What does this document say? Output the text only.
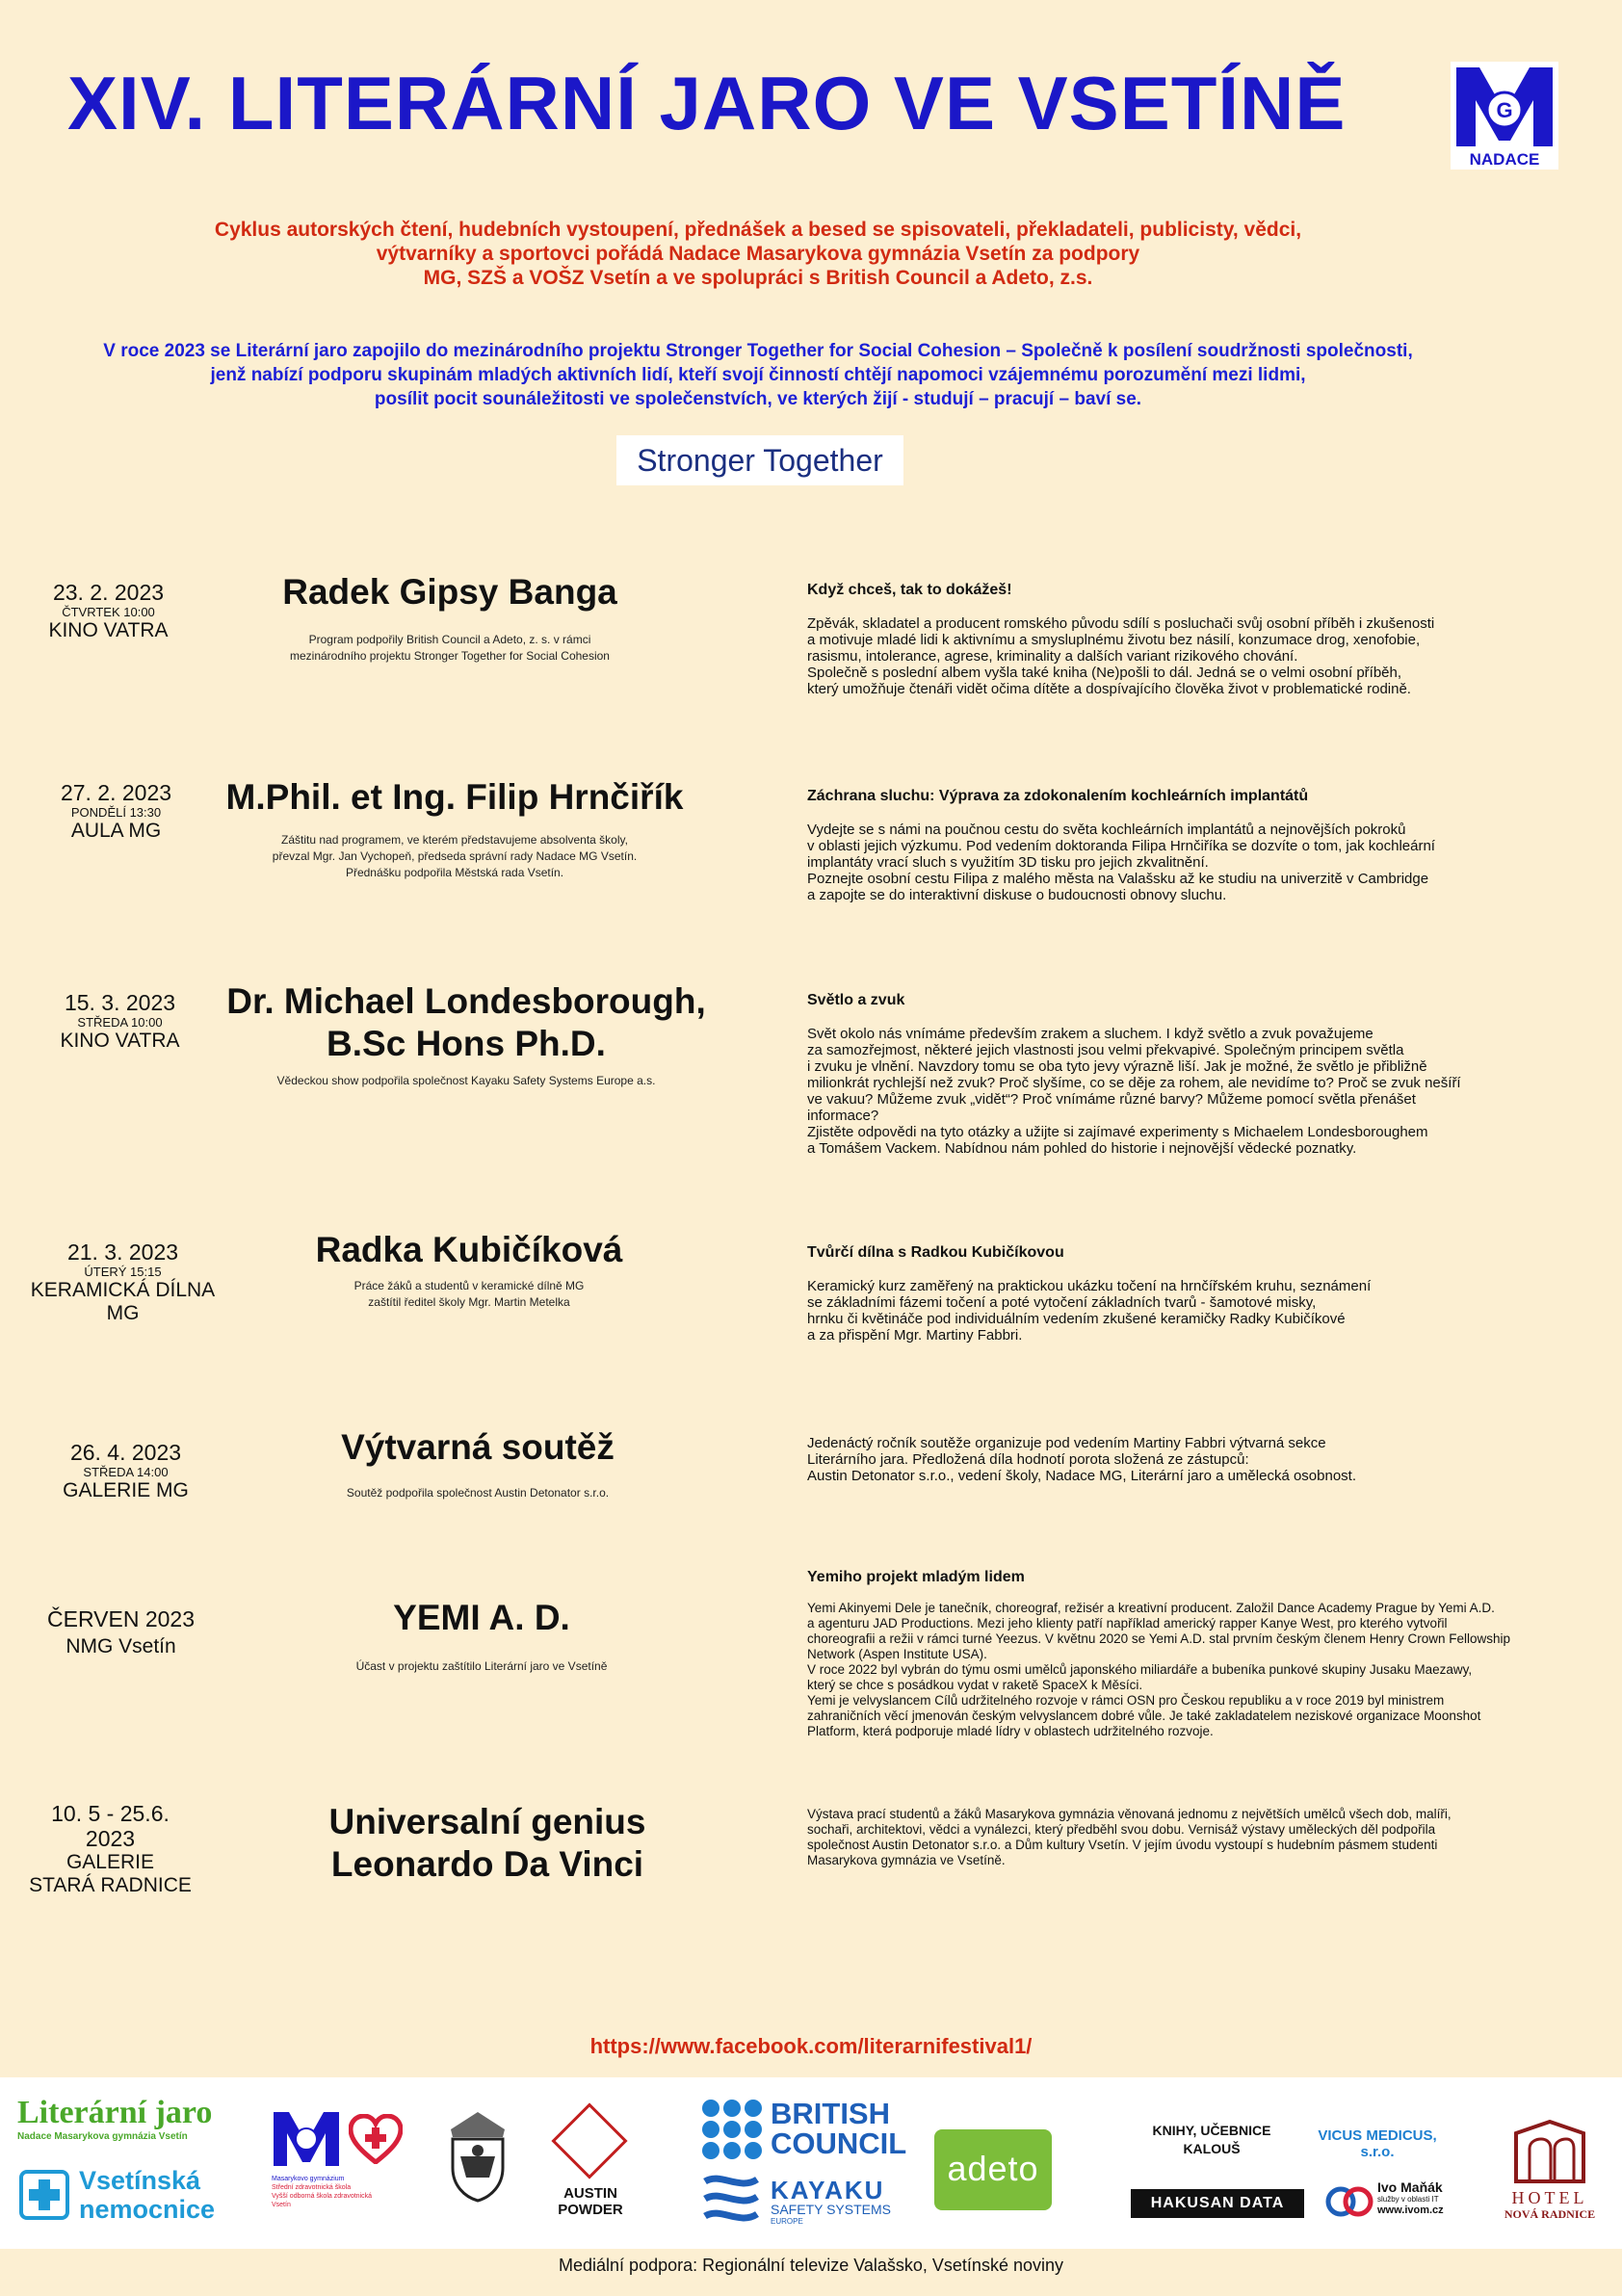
XIV. LITERÁRNÍ JARO VE VSETÍNĚ	G
NADACE
Cyklus autorských čtení, hudebních vystoupení, přednášek a besed se spisovateli, překladateli, publicisty, vědci,
výtvarníky a sportovci pořádá Nadace Masarykova gymnázia Vsetín za podpory
MG, SZŠ a VOŠZ Vsetín a ve spolupráci s British Council a Adeto, z.s.
V roce 2023 se Literární jaro zapojilo do mezinárodního projektu Stronger Together for Social Cohesion – Společně k posílení soudržnosti společnosti,
jenž nabízí podporu skupinám mladých aktivních lidí, kteří svojí činností chtějí napomoci vzájemnému porozumění mezi lidmi,
posílit pocit sounáležitosti ve společenstvích, ve kterých žijí - studují – pracují – baví se.
Stronger Together
23. 2. 2023
ČTVRTEK 10:00
KINO VATRA
Radek Gipsy Banga
Program podpořily British Council a Adeto, z. s. v rámci
mezinárodního projektu Stronger Together for Social Cohesion
Když chceš, tak to dokážeš!

Zpěvák, skladatel a producent romského původu sdílí s posluchači svůj osobní příběh i zkušenosti

a motivuje mladé lidi k aktivnímu a smysluplnému životu bez násilí, konzumace drog, xenofobie,

rasismu, intolerance, agrese, kriminality a dalších variant rizikového chování.

Společně s poslední albem vyšla také kniha (Ne)pošli to dál. Jedná se o velmi osobní příběh,

který umožňuje čtenáři vidět očima dítěte a dospívajícího člověka život v problematické rodině.

27. 2. 2023
PONDĚLÍ 13:30
AULA MG
M.Phil. et Ing. Filip Hrnčiřík
Záštitu nad programem, ve kterém představujeme absolventa školy,
převzal Mgr. Jan Vychopeň, předseda správní rady Nadace MG Vsetín.
Přednášku podpořila Městská rada Vsetín.
Záchrana sluchu: Výprava za zdokonalením kochleárních implantátů

Vydejte se s námi na poučnou cestu do světa kochleárních implantátů a nejnovějších pokroků

v oblasti jejich výzkumu. Pod vedením doktoranda Filipa Hrnčiříka se dozvíte o tom, jak kochleární

implantáty vrací sluch s využitím 3D tisku pro jejich zkvalitnění.

Poznejte osobní cestu Filipa z malého města na Valašsku až ke studiu na univerzitě v Cambridge

a zapojte se do interaktivní diskuse o budoucnosti obnovy sluchu.

15. 3. 2023
STŘEDA 10:00
KINO VATRA
Dr. Michael Londesborough,
B.Sc Hons Ph.D.
Vědeckou show podpořila společnost Kayaku Safety Systems Europe a.s.
Světlo a zvuk

Svět okolo nás vnímáme především zrakem a sluchem. I když světlo a zvuk považujeme

za samozřejmost, některé jejich vlastnosti jsou velmi překvapivé. Společným principem světla

i zvuku je vlnění. Navzdory tomu se oba tyto jevy výrazně liší. Jak je možné, že světlo je přibližně

milionkrát rychlejší než zvuk? Proč slyšíme, co se děje za rohem, ale nevidíme to? Proč se zvuk nešíří

ve vakuu? Můžeme zvuk „vidět“? Proč vnímáme různé barvy? Můžeme pomocí světla přenášet

informace?

Zjistěte odpovědi na tyto otázky a užijte si zajímavé experimenty s Michaelem Londesboroughem

a Tomášem Vackem. Nabídnou nám pohled do historie i nejnovější vědecké poznatky.

21. 3. 2023
ÚTERÝ 15:15
KERAMICKÁ DÍLNA
MG
Radka Kubičíková
Práce žáků a studentů v keramické dílně MG
zaštítil ředitel školy Mgr. Martin Metelka
Tvůrčí dílna s Radkou Kubičíkovou

Keramický kurz zaměřený na praktickou ukázku točení na hrnčířském kruhu, seznámení

se základními fázemi točení a poté vytočení základních tvarů - šamotové misky,

hrnku či květináče pod individuálním vedením zkušené keramičky Radky Kubičíkové

a za přispění Mgr. Martiny Fabbri.

26. 4. 2023
STŘEDA 14:00
GALERIE MG
Výtvarná soutěž
Soutěž podpořila společnost Austin Detonator s.r.o.

Jedenáctý ročník soutěže organizuje pod vedením Martiny Fabbri výtvarná sekce

Literárního jara. Předložená díla hodnotí porota složená ze zástupců:

Austin Detonator s.r.o., vedení školy, Nadace MG, Literární jaro a umělecká osobnost.

ČERVEN 2023
NMG Vsetín
YEMI A. D.
Účast v projektu zaštítilo Literární jaro ve Vsetíně
Yemiho projekt mladým lidem

Yemi Akinyemi Dele je tanečník, choreograf, režisér a kreativní producent. Založil Dance Academy Prague by Yemi A.D.

a agenturu JAD Productions. Mezi jeho klienty patří například americký rapper Kanye West, pro kterého vytvořil

choreografii a režii v rámci turné Yeezus. V květnu 2020 se Yemi A.D. stal prvním českým členem Henry Crown Fellowship

Network (Aspen Institute USA).

V roce 2022 byl vybrán do týmu osmi umělců japonského miliardáře a bubeníka punkové skupiny Jusaku Maezawy,

který se chce s posádkou vydat v raketě SpaceX k Měsíci.

Yemi je velvyslancem Cílů udržitelného rozvoje v rámci OSN pro Českou republiku a v roce 2019 byl ministrem

zahraničních věcí jmenován českým velvyslancem dobré vůle. Je také zakladatelem neziskové organizace Moonshot

Platform, která podporuje mladé lídry v oblastech udržitelného rozvoje.

10. 5 - 25.6.
2023
GALERIE
STARÁ RADNICE
Universalní genius
Leonardo Da Vinci

Výstava prací studentů a žáků Masarykova gymnázia věnovaná jednomu z největších umělců všech dob, malíři,

sochaři, architektovi, vědci a vynálezci, který předběhl svou dobu. Vernisáž výstavy uměleckých děl podpořila

společnost Austin Detonator s.r.o. a Dům kultury Vsetín. V jejím úvodu vystoupí s hudebním pásmem studenti

Masarykova gymnázia ve Vsetíně.

https://www.facebook.com/literarnifestival1/
Literární jaro
Nadace Masarykova gymnázia Vsetín
Vsetínská nemocnice
Masarykovo gymnázium
Střední zdravotnická škola
Vyšší odborná škola zdravotnická
Vsetín
AUSTIN POWDER
BRITISH
COUNCIL
KAYAKU
SAFETY SYSTEMS
EUROPE
adeto
KNIHY, UČEBNICE
KALOUŠ
HAKUSAN DATA
VICUS MEDICUS, s.r.o.
Ivo Maňák
služby v oblasti IT
www.ivom.cz
HOTEL
NOVÁ RADNICE
Mediální podpora: Regionální televize Valašsko, Vsetínské noviny
